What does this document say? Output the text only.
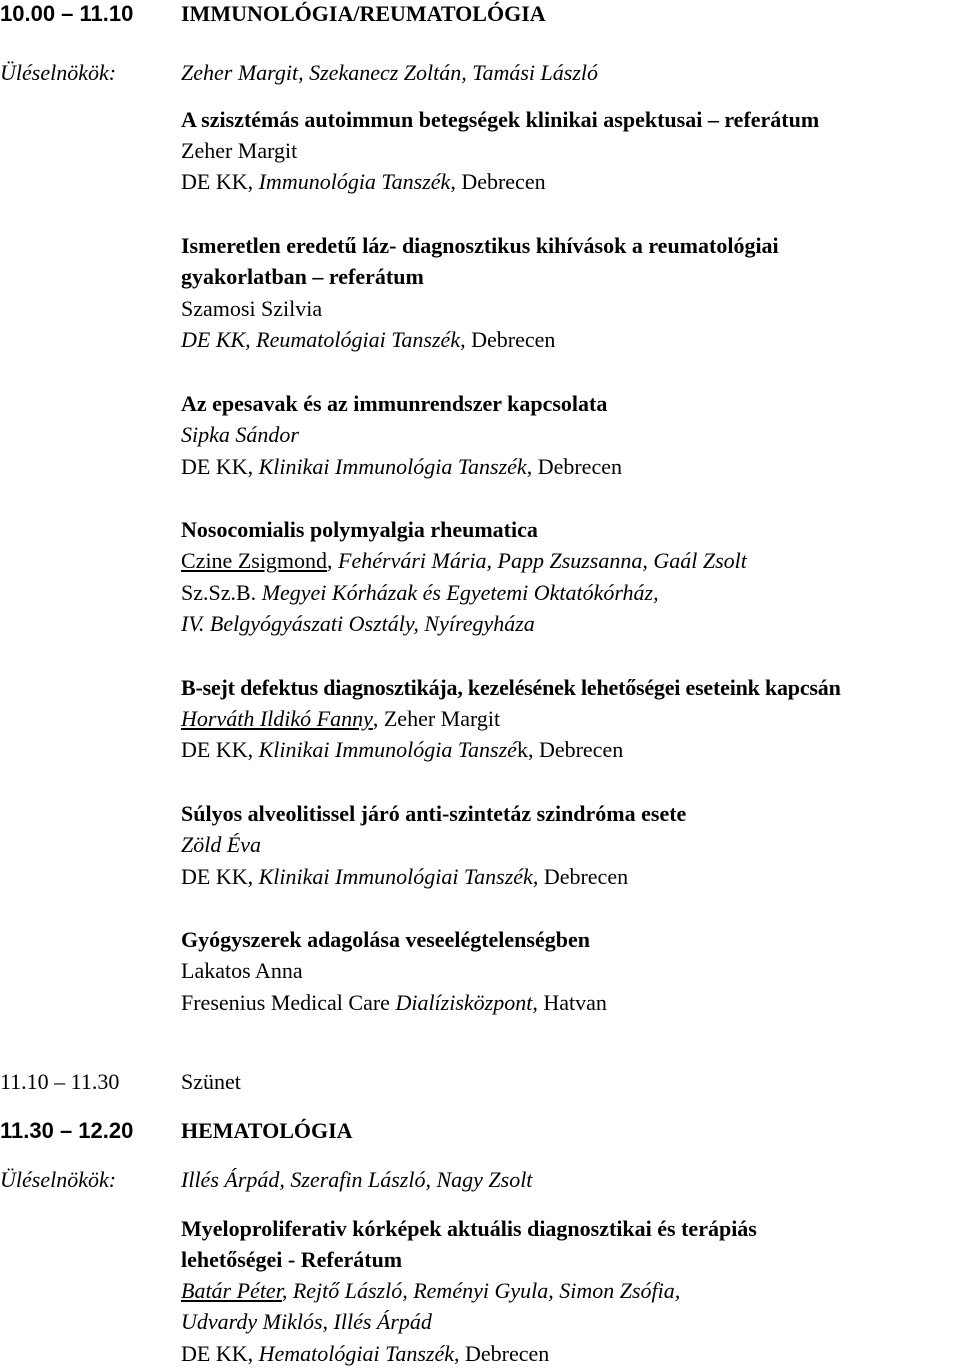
10.00 – 11.10 IMMUNOLÓGIA/REUMATOLÓGIA
Üléselnökök:	Zeher Margit, Szekanecz Zoltán, Tamási László
A szisztémás autoimmun betegségek klinikai aspektusai – referátum
Zeher Margit
DE KK, Immunológia Tanszék, Debrecen
Ismeretlen eredetű láz- diagnosztikus kihívások a reumatológiai
gyakorlatban – referátum
Szamosi Szilvia
DE KK, Reumatológiai Tanszék, Debrecen
Az epesavak és az immunrendszer kapcsolata
Sipka Sándor
DE KK, Klinikai Immunológia Tanszék, Debrecen
Nosocomialis polymyalgia rheumatica
Czine Zsigmond, Fehérvári Mária, Papp Zsuzsanna, Gaál Zsolt
Sz.Sz.B. Megyei Kórházak és Egyetemi Oktatókórház,
IV. Belgyógyászati Osztály, Nyíregyháza
B-sejt defektus diagnosztikája, kezelésének lehetőségei eseteink kapcsán
Horváth Ildikó Fanny, Zeher Margit
DE KK, Klinikai Immunológia Tanszék, Debrecen
Súlyos alveolitissel járó anti-szintetáz szindróma esete
Zöld Éva
DE KK, Klinikai Immunológiai Tanszék, Debrecen
Gyógyszerek adagolása veseelégtelenségben
Lakatos Anna
Fresenius Medical Care Dialízisközpont, Hatvan
11.10 – 11.30	Szünet
11.30 – 12.20 HEMATOLÓGIA
Üléselnökök:	Illés Árpád, Szerafin László, Nagy Zsolt
Myeloproliferativ kórképek aktuális diagnosztikai és terápiás
lehetőségei - Referátum
Batár Péter, Rejtő László, Reményi Gyula, Simon Zsófia,
Udvardy Miklós, Illés Árpád
DE KK, Hematológiai Tanszék, Debrecen
